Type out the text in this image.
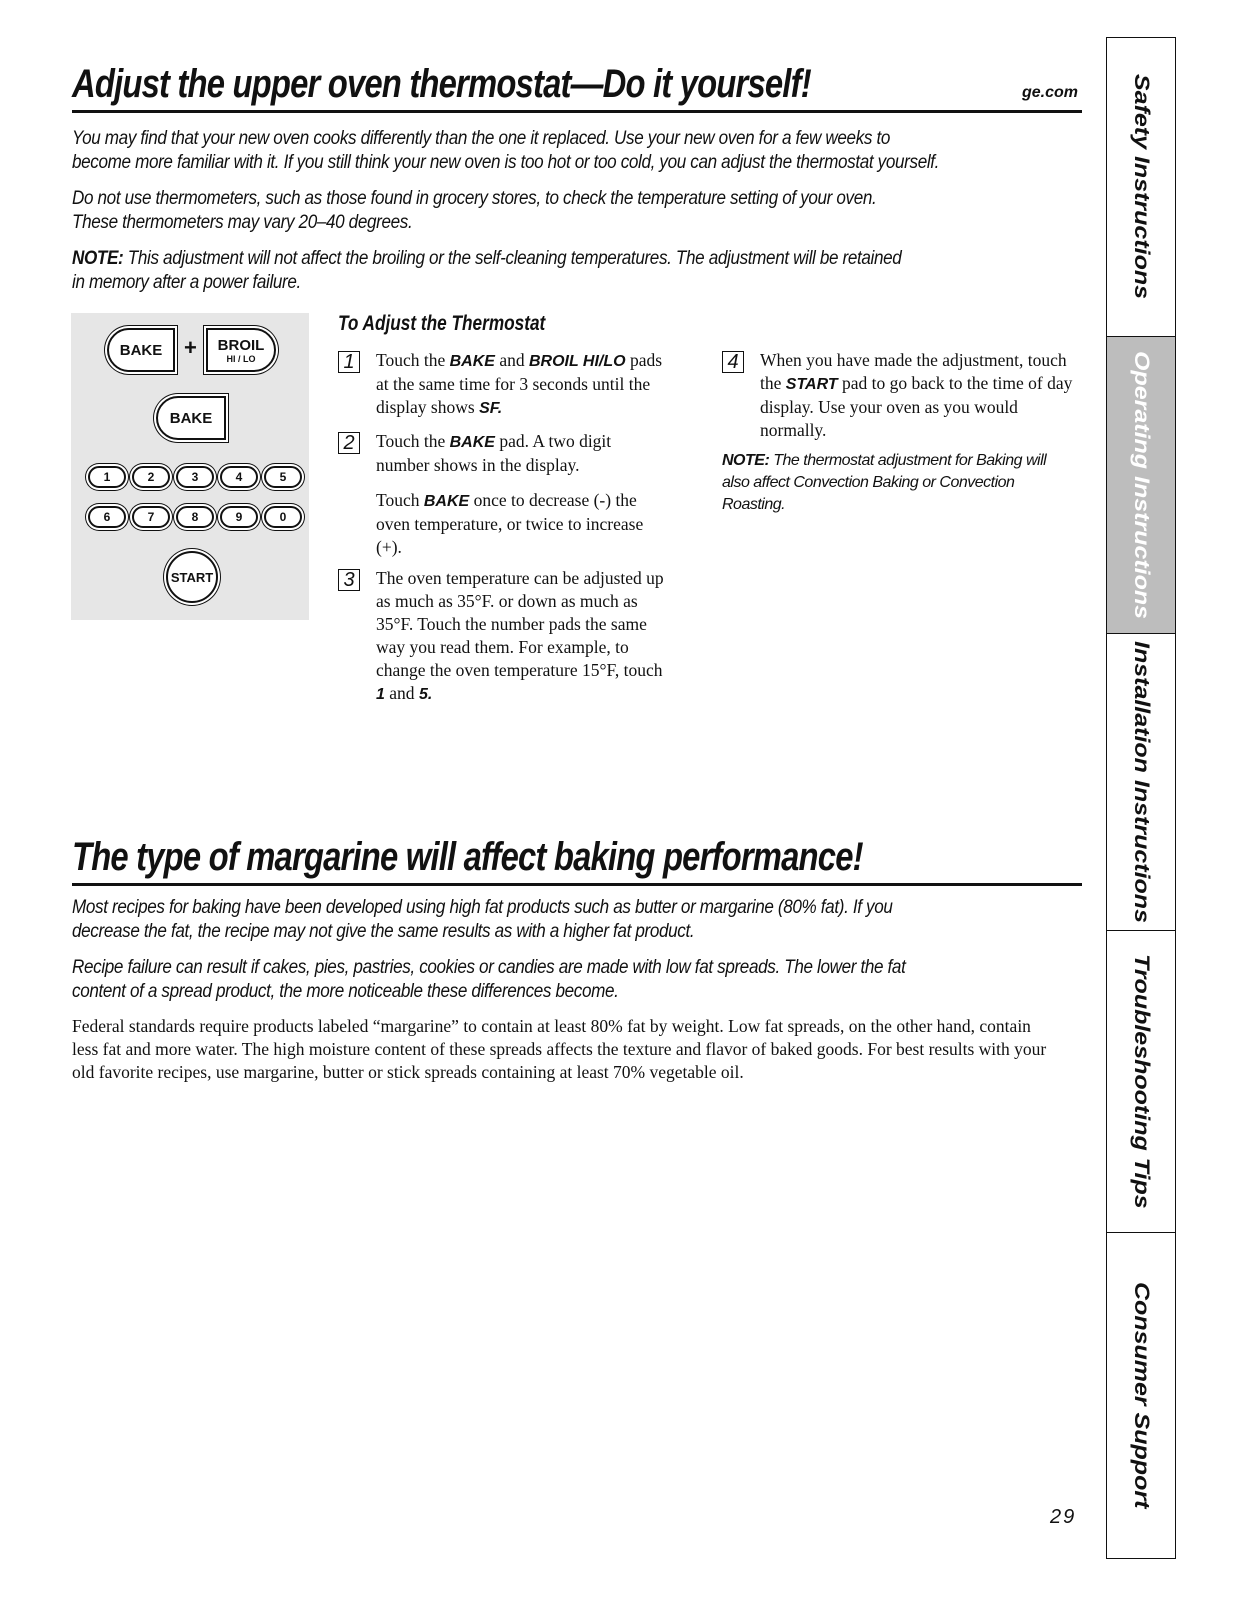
Adjust the upper oven thermostat—Do it yourself!	ge.com

You may find that your new oven cooks differently than the one it replaced. Use your new oven for a few weeks to
become more familiar with it. If you still think your new oven is too hot or too cold, you can adjust the thermostat yourself.

Do not use thermometers, such as those found in grocery stores, to check the temperature setting of your oven.
These thermometers may vary 20–40 degrees.

NOTE: This adjustment will not affect the broiling or the self-cleaning temperatures. The adjustment will be retained
in memory after a power failure.

BAKE + BROIL
HI / LO
BAKE
1	2	3	4	5
6	7	8	9	0
START
To Adjust the Thermostat
1	Touch the BAKE and BROIL HI/LO pads at the same time for 3 seconds until the display shows SF.
2	Touch the BAKE pad. A two digit number shows in the display.
Touch BAKE once to decrease (-) the oven temperature, or twice to increase (+).
3	The oven temperature can be adjusted up as much as 35°F. or down as much as 35°F. Touch the number pads the same way you read them. For example, to change the oven temperature 15°F, touch 1 and 5.
4	When you have made the adjustment, touch the START pad to go back to the time of day display. Use your oven as you would normally.
NOTE: The thermostat adjustment for Baking will also affect Convection Baking or Convection Roasting.
The type of margarine will affect baking performance!

Most recipes for baking have been developed using high fat products such as butter or margarine (80% fat). If you
decrease the fat, the recipe may not give the same results as with a higher fat product.

Recipe failure can result if cakes, pies, pastries, cookies or candies are made with low fat spreads. The lower the fat
content of a spread product, the more noticeable these differences become.

Federal standards require products labeled “margarine” to contain at least 80% fat by weight. Low fat spreads, on the other hand, contain less fat and more water. The high moisture content of these spreads affects the texture and flavor of baked goods. For best results with your old favorite recipes, use margarine, butter or stick spreads containing at least 70% vegetable oil.
Safety Instructions
Operating Instructions
Installation Instructions
Troubleshooting Tips
Consumer Support
29
